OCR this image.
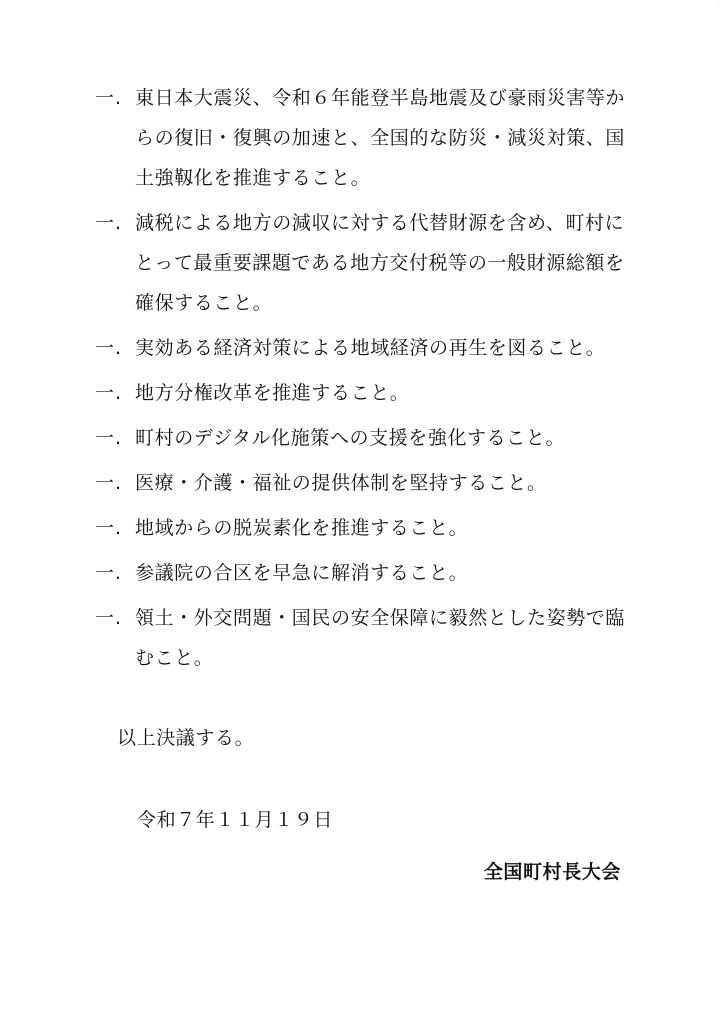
·
一. 東日本大震災、令和６年能登半島地震及び豪雨災害等からの復旧・復興の加速と、全国的な防災・減災対策、国土強靱化を推進すること。
一. 減税による地方の減収に対する代替財源を含め、町村にとって最重要課題である地方交付税等の一般財源総額を確保すること。
一. 実効ある経済対策による地域経済の再生を図ること。
一. 地方分権改革を推進すること。
一. 町村のデジタル化施策への支援を強化すること。
一. 医療・介護・福祉の提供体制を堅持すること。
一. 地域からの脱炭素化を推進すること。
一. 参議院の合区を早急に解消すること。
一. 領土・外交問題・国民の安全保障に毅然とした姿勢で臨むこと。
以上決議する。
令和７年１１月１９日
全国町村長大会
